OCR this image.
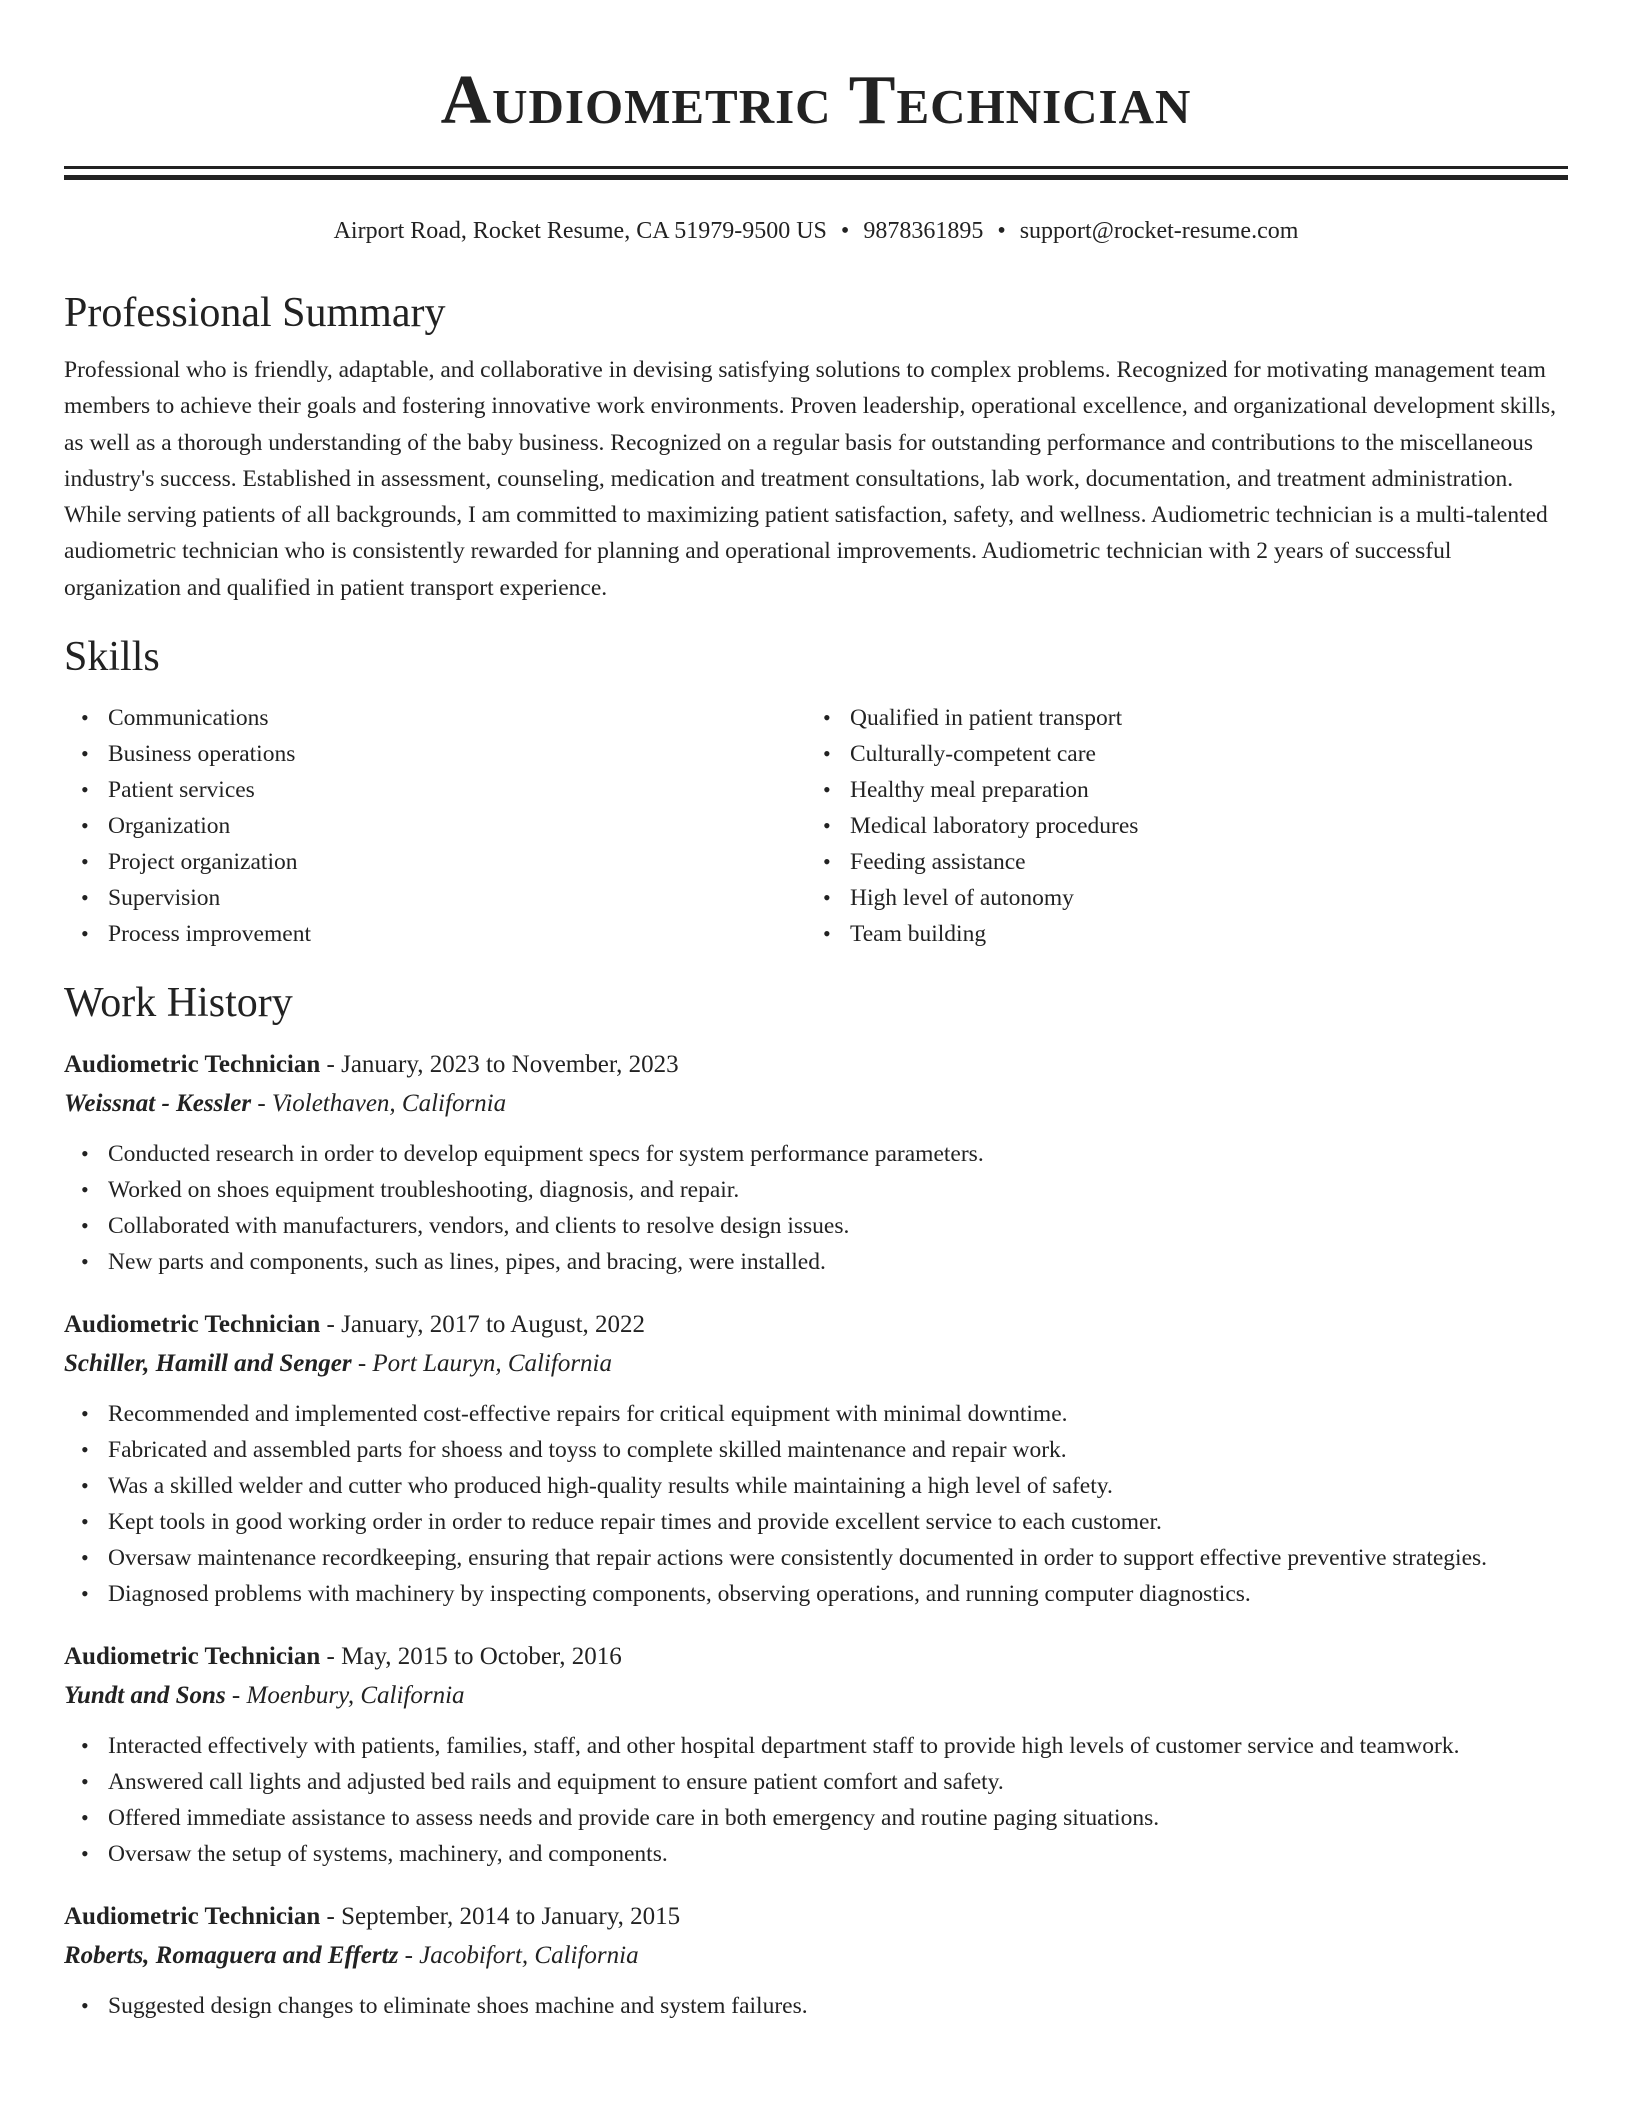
Audiometric Technician
Airport Road, Rocket Resume, CA 51979-9500 US • 9878361895 • support@rocket-resume.com
Professional Summary

Professional who is friendly, adaptable, and collaborative in devising satisfying solutions to complex problems. Recognized for motivating management team members to achieve their goals and fostering innovative work environments. Proven leadership, operational excellence, and organizational development skills, as well as a thorough understanding of the baby business. Recognized on a regular basis for outstanding performance and contributions to the miscellaneous industry's success. Established in assessment, counseling, medication and treatment consultations, lab work, documentation, and treatment administration. While serving patients of all backgrounds, I am committed to maximizing patient satisfaction, safety, and wellness. Audiometric technician is a multi-talented audiometric technician who is consistently rewarded for planning and operational improvements. Audiometric technician with 2 years of successful organization and qualified in patient transport experience.

Skills
• Communications
• Business operations
• Patient services
• Organization
• Project organization
• Supervision
• Process improvement
• Qualified in patient transport
• Culturally-competent care
• Healthy meal preparation
• Medical laboratory procedures
• Feeding assistance
• High level of autonomy
• Team building
Work History
Audiometric Technician - January, 2023 to November, 2023
Weissnat - Kessler - Violethaven, California
• Conducted research in order to develop equipment specs for system performance parameters.
• Worked on shoes equipment troubleshooting, diagnosis, and repair.
• Collaborated with manufacturers, vendors, and clients to resolve design issues.
• New parts and components, such as lines, pipes, and bracing, were installed.
Audiometric Technician - January, 2017 to August, 2022
Schiller, Hamill and Senger - Port Lauryn, California
• Recommended and implemented cost-effective repairs for critical equipment with minimal downtime.
• Fabricated and assembled parts for shoess and toyss to complete skilled maintenance and repair work.
• Was a skilled welder and cutter who produced high-quality results while maintaining a high level of safety.
• Kept tools in good working order in order to reduce repair times and provide excellent service to each customer.
• Oversaw maintenance recordkeeping, ensuring that repair actions were consistently documented in order to support effective preventive strategies.
• Diagnosed problems with machinery by inspecting components, observing operations, and running computer diagnostics.
Audiometric Technician - May, 2015 to October, 2016
Yundt and Sons - Moenbury, California
• Interacted effectively with patients, families, staff, and other hospital department staff to provide high levels of customer service and teamwork.
• Answered call lights and adjusted bed rails and equipment to ensure patient comfort and safety.
• Offered immediate assistance to assess needs and provide care in both emergency and routine paging situations.
• Oversaw the setup of systems, machinery, and components.
Audiometric Technician - September, 2014 to January, 2015
Roberts, Romaguera and Effertz - Jacobifort, California
• Suggested design changes to eliminate shoes machine and system failures.
